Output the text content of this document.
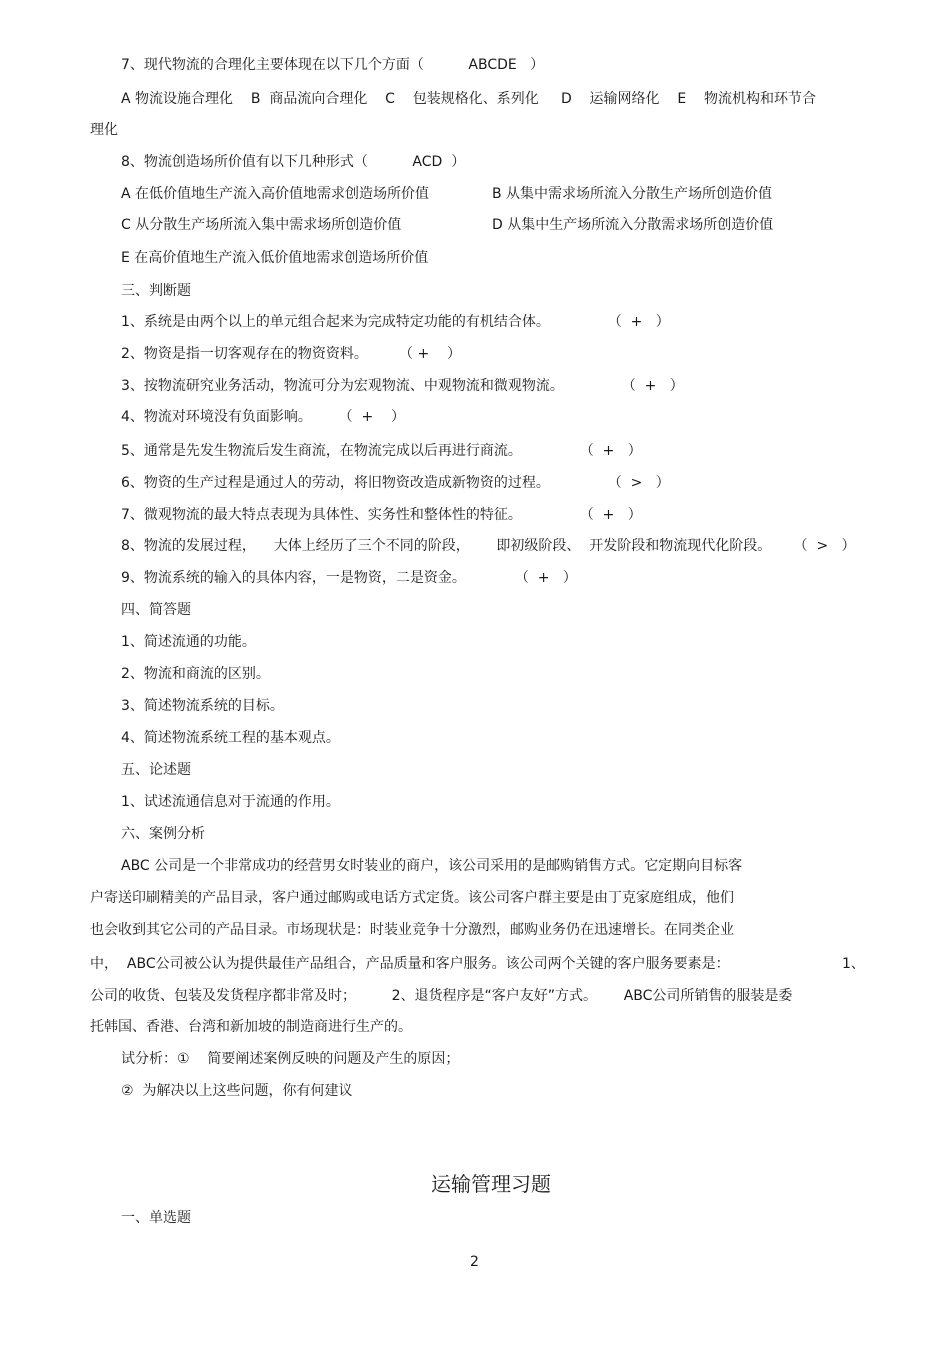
7、现代物流的合理化主要体现在以下几个方面（          ABCDE   ）
A 物流设施合理化    B  商品流向合理化    C    包装规格化、系列化     D    运输网络化    E    物流机构和环节合
理化
8、物流创造场所价值有以下几种形式（          ACD  ）
A 在低价值地生产流入高价值地需求创造场所价值	B 从集中需求场所流入分散生产场所创造价值
C 从分散生产场所流入集中需求场所创造价值	D 从集中生产场所流入分散需求场所创造价值
E 在高价值地生产流入低价值地需求创造场所价值
三、判断题
1、系统是由两个以上的单元组合起来为完成特定功能的有机结合体。             （  +   ）
2、物资是指一切客观存在的物资资料。       （ +    ）
3、按物流研究业务活动，物流可分为宏观物流、中观物流和微观物流。             （  +   ）
4、物流对环境没有负面影响。      （  +    ）
5、通常是先发生物流后发生商流，在物流完成以后再进行商流。             （  +   ）
6、物资的生产过程是通过人的劳动，将旧物资改造成新物资的过程。             （  >   ）
7、微观物流的最大特点表现为具体性、实务性和整体性的特征。             （  +   ）
8、物流的发展过程，    大体上经历了三个不同的阶段，      即初级阶段、  开发阶段和物流现代化阶段。     （  >   ）
9、物流系统的输入的具体内容，一是物资，二是资金。           （  +   ）
四、简答题
1、简述流通的功能。
2、物流和商流的区别。
3、简述物流系统的目标。
4、简述物流系统工程的基本观点。
五、论述题
1、试述流通信息对于流通的作用。
六、案例分析
ABC 公司是一个非常成功的经营男女时装业的商户，该公司采用的是邮购销售方式。它定期向目标客
户寄送印刷精美的产品目录，客户通过邮购或电话方式定货。该公司客户群主要是由丁克家庭组成，他们
也会收到其它公司的产品目录。市场现状是：时装业竞争十分激烈，邮购业务仍在迅速增长。在同类企业
中，  ABC公司被公认为提供最佳产品组合，产品质量和客户服务。该公司两个关键的客户服务要素是：	1、
公司的收货、包装及发货程序都非常及时；        2、退货程序是“客户友好”方式。      ABC公司所销售的服装是委
托韩国、香港、台湾和新加坡的制造商进行生产的。
试分析：①    简要阐述案例反映的问题及产生的原因；
②  为解决以上这些问题，你有何建议
运输管理习题
一、单选题
2
